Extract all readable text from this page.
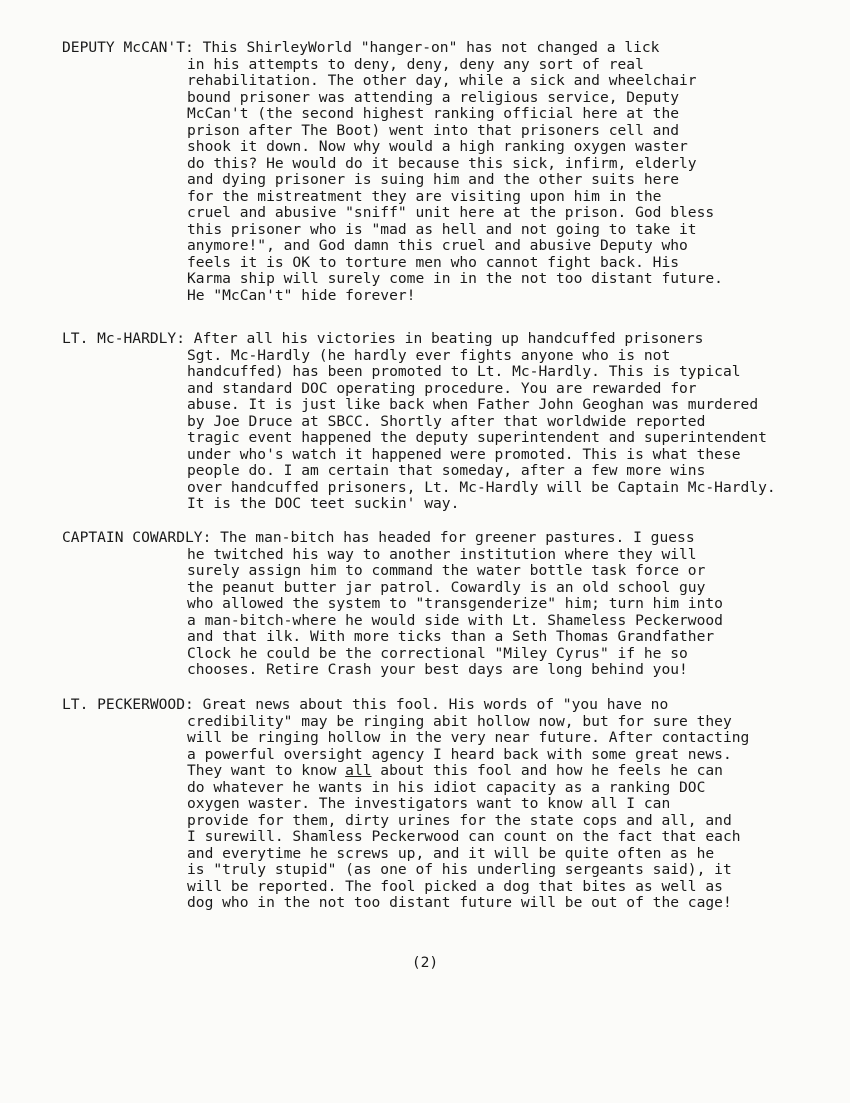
DEPUTY McCAN'T: This ShirleyWorld "hanger-on" has not changed a lick
in his attempts to deny, deny, deny any sort of real
rehabilitation. The other day, while a sick and wheelchair
bound prisoner was attending a religious service, Deputy
McCan't (the second highest ranking official here at the
prison after The Boot) went into that prisoners cell and
shook it down. Now why would a high ranking oxygen waster
do this? He would do it because this sick, infirm, elderly
and dying prisoner is suing him and the other suits here
for the mistreatment they are visiting upon him in the
cruel and abusive "sniff" unit here at the prison. God bless
this prisoner who is "mad as hell and not going to take it
anymore!", and God damn this cruel and abusive Deputy who
feels it is OK to torture men who cannot fight back. His
Karma ship will surely come in in the not too distant future.
He "McCan't" hide forever!
LT. Mc-HARDLY: After all his victories in beating up handcuffed prisoners
Sgt. Mc-Hardly (he hardly ever fights anyone who is not
handcuffed) has been promoted to Lt. Mc-Hardly. This is typical
and standard DOC operating procedure. You are rewarded for
abuse. It is just like back when Father John Geoghan was murdered
by Joe Druce at SBCC. Shortly after that worldwide reported
tragic event happened the deputy superintendent and superintendent
under who's watch it happened were promoted. This is what these
people do. I am certain that someday, after a few more wins
over handcuffed prisoners, Lt. Mc-Hardly will be Captain Mc-Hardly.
It is the DOC teet suckin' way.
CAPTAIN COWARDLY: The man-bitch has headed for greener pastures. I guess
he twitched his way to another institution where they will
surely assign him to command the water bottle task force or
the peanut butter jar patrol. Cowardly is an old school guy
who allowed the system to "transgenderize" him; turn him into
a man-bitch-where he would side with Lt. Shameless Peckerwood
and that ilk. With more ticks than a Seth Thomas Grandfather
Clock he could be the correctional "Miley Cyrus" if he so
chooses. Retire Crash your best days are long behind you!
LT. PECKERWOOD: Great news about this fool. His words of "you have no
credibility" may be ringing abit hollow now, but for sure they
will be ringing hollow in the very near future. After contacting
a powerful oversight agency I heard back with some great news.
They want to know all about this fool and how he feels he can
do whatever he wants in his idiot capacity as a ranking DOC
oxygen waster. The investigators want to know all I can
provide for them, dirty urines for the state cops and all, and
I surewill. Shamless Peckerwood can count on the fact that each
and everytime he screws up, and it will be quite often as he
is "truly stupid" (as one of his underling sergeants said), it
will be reported. The fool picked a dog that bites as well as
dog who in the not too distant future will be out of the cage!
(2)
